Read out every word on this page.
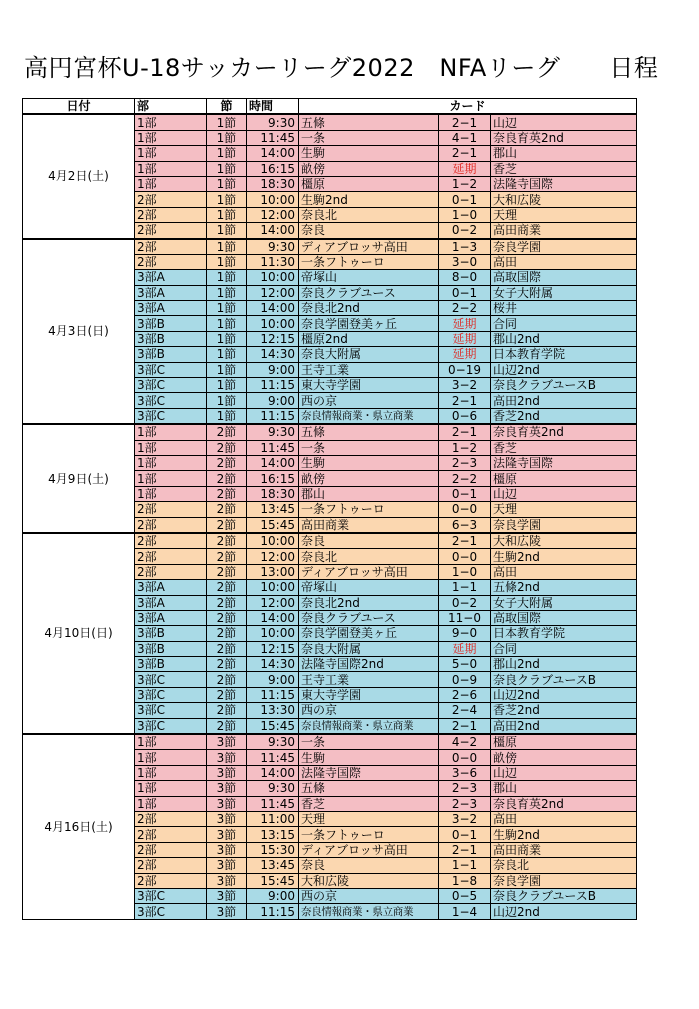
高円宮杯U-18サッカーリーグ2022　NFAリーグ　　日程
日付	部	節	時間	カード		
4月2日(土)	1部	1節	9:30	五條	2−1	山辺
	1部	1節	11:45	一条	4−1	奈良育英2nd
	1部	1節	14:00	生駒	2−1	郡山
	1部	1節	16:15	畝傍	延期	香芝
	1部	1節	18:30	橿原	1−2	法隆寺国際
	2部	1節	10:00	生駒2nd	0−1	大和広陵
	2部	1節	12:00	奈良北	1−0	天理
	2部	1節	14:00	奈良	0−2	高田商業
4月3日(日)	2部	1節	9:30	ディアブロッサ高田	1−3	奈良学園
	2部	1節	11:30	一条フトゥーロ	3−0	高田
	3部A	1節	10:00	帝塚山	8−0	高取国際
	3部A	1節	12:00	奈良クラブユース	0−1	女子大附属
	3部A	1節	14:00	奈良北2nd	2−2	桜井
	3部B	1節	10:00	奈良学園登美ヶ丘	延期	合同
	3部B	1節	12:15	橿原2nd	延期	郡山2nd
	3部B	1節	14:30	奈良大附属	延期	日本教育学院
	3部C	1節	9:00	王寺工業	0−19	山辺2nd
	3部C	1節	11:15	東大寺学園	3−2	奈良クラブユースB
	3部C	1節	9:00	西の京	2−1	高田2nd
	3部C	1節	11:15	奈良情報商業・県立商業	0−6	香芝2nd
4月9日(土)	1部	2節	9:30	五條	2−1	奈良育英2nd
	1部	2節	11:45	一条	1−2	香芝
	1部	2節	14:00	生駒	2−3	法隆寺国際
	1部	2節	16:15	畝傍	2−2	橿原
	1部	2節	18:30	郡山	0−1	山辺
	2部	2節	13:45	一条フトゥーロ	0−0	天理
	2部	2節	15:45	高田商業	6−3	奈良学園
4月10日(日)	2部	2節	10:00	奈良	2−1	大和広陵
	2部	2節	12:00	奈良北	0−0	生駒2nd
	2部	2節	13:00	ディアブロッサ高田	1−0	高田
	3部A	2節	10:00	帝塚山	1−1	五條2nd
	3部A	2節	12:00	奈良北2nd	0−2	女子大附属
	3部A	2節	14:00	奈良クラブユース	11−0	高取国際
	3部B	2節	10:00	奈良学園登美ヶ丘	9−0	日本教育学院
	3部B	2節	12:15	奈良大附属	延期	合同
	3部B	2節	14:30	法隆寺国際2nd	5−0	郡山2nd
	3部C	2節	9:00	王寺工業	0−9	奈良クラブユースB
	3部C	2節	11:15	東大寺学園	2−6	山辺2nd
	3部C	2節	13:30	西の京	2−4	香芝2nd
	3部C	2節	15:45	奈良情報商業・県立商業	2−1	高田2nd
4月16日(土)	1部	3節	9:30	一条	4−2	橿原
	1部	3節	11:45	生駒	0−0	畝傍
	1部	3節	14:00	法隆寺国際	3−6	山辺
	1部	3節	9:30	五條	2−3	郡山
	1部	3節	11:45	香芝	2−3	奈良育英2nd
	2部	3節	11:00	天理	3−2	高田
	2部	3節	13:15	一条フトゥーロ	0−1	生駒2nd
	2部	3節	15:30	ディアブロッサ高田	2−1	高田商業
	2部	3節	13:45	奈良	1−1	奈良北
	2部	3節	15:45	大和広陵	1−8	奈良学園
	3部C	3節	9:00	西の京	0−5	奈良クラブユースB
	3部C	3節	11:15	奈良情報商業・県立商業	1−4	山辺2nd
